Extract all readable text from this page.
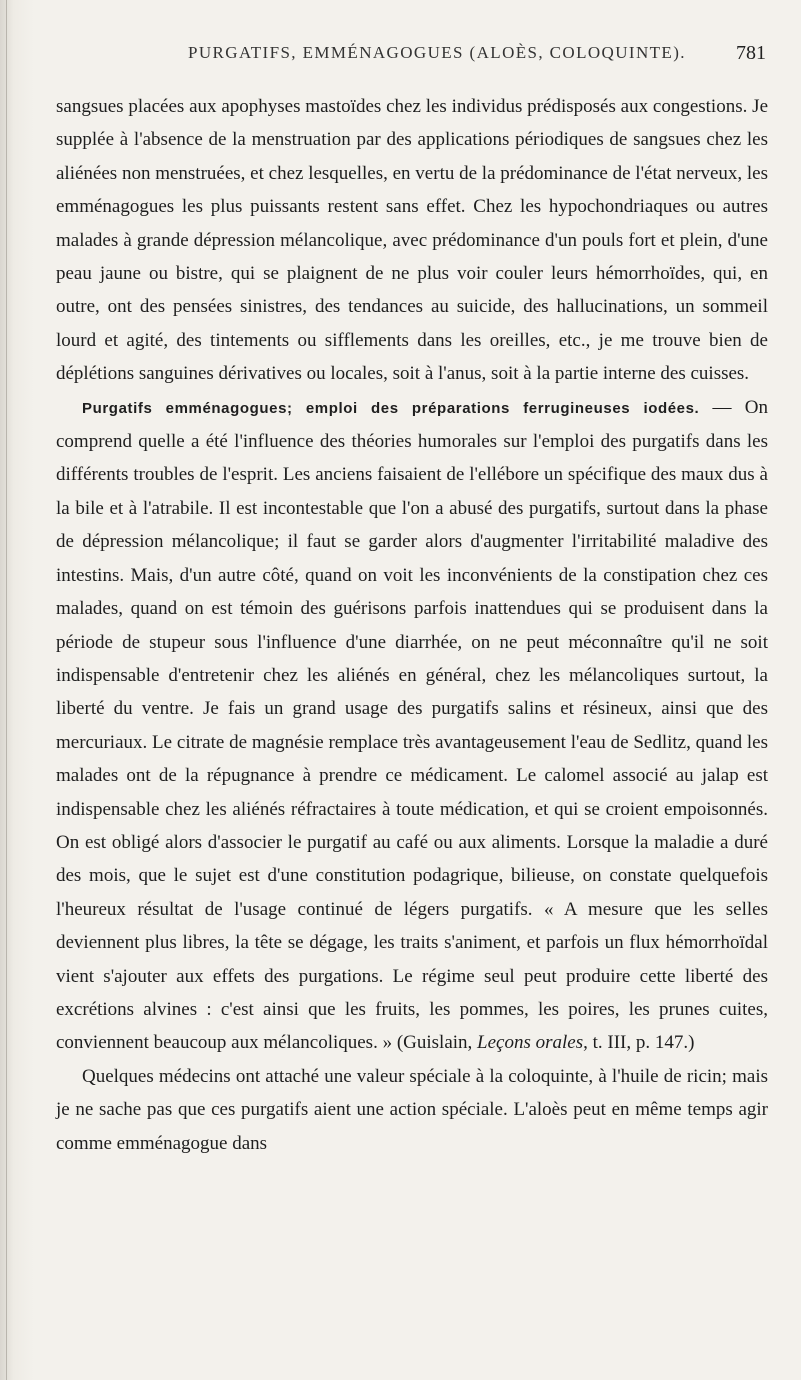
PURGATIFS, EMMÉNAGOGUES (ALOÈS, COLOQUINTE).	781

sangsues placées aux apophyses mastoïdes chez les individus prédisposés aux congestions. Je supplée à l'absence de la menstruation par des applications périodiques de sangsues chez les aliénées non menstruées, et chez lesquelles, en vertu de la prédominance de l'état nerveux, les emménagogues les plus puissants restent sans effet. Chez les hypochondriaques ou autres malades à grande dépression mélancolique, avec prédominance d'un pouls fort et plein, d'une peau jaune ou bistre, qui se plaignent de ne plus voir couler leurs hémorrhoïdes, qui, en outre, ont des pensées sinistres, des tendances au suicide, des hallucinations, un sommeil lourd et agité, des tintements ou sifflements dans les oreilles, etc., je me trouve bien de déplétions sanguines dérivatives ou locales, soit à l'anus, soit à la partie interne des cuisses.

Purgatifs emménagogues; emploi des préparations ferrugineuses iodées. — On comprend quelle a été l'influence des théories humorales sur l'emploi des purgatifs dans les différents troubles de l'esprit. Les anciens faisaient de l'ellébore un spécifique des maux dus à la bile et à l'atrabile. Il est incontestable que l'on a abusé des purgatifs, surtout dans la phase de dépression mélancolique; il faut se garder alors d'augmenter l'irritabilité maladive des intestins. Mais, d'un autre côté, quand on voit les inconvénients de la constipation chez ces malades, quand on est témoin des guérisons parfois inattendues qui se produisent dans la période de stupeur sous l'influence d'une diarrhée, on ne peut méconnaître qu'il ne soit indispensable d'entretenir chez les aliénés en général, chez les mélancoliques surtout, la liberté du ventre. Je fais un grand usage des purgatifs salins et résineux, ainsi que des mercuriaux. Le citrate de magnésie remplace très avantageusement l'eau de Sedlitz, quand les malades ont de la répugnance à prendre ce médicament. Le calomel associé au jalap est indispensable chez les aliénés réfractaires à toute médication, et qui se croient empoisonnés. On est obligé alors d'associer le purgatif au café ou aux aliments. Lorsque la maladie a duré des mois, que le sujet est d'une constitution podagrique, bilieuse, on constate quelquefois l'heureux résultat de l'usage continué de légers purgatifs. « A mesure que les selles deviennent plus libres, la tête se dégage, les traits s'animent, et parfois un flux hémorrhoïdal vient s'ajouter aux effets des purgations. Le régime seul peut produire cette liberté des excrétions alvines : c'est ainsi que les fruits, les pommes, les poires, les prunes cuites, conviennent beaucoup aux mélancoliques. » (Guislain, Leçons orales, t. III, p. 147.)

Quelques médecins ont attaché une valeur spéciale à la coloquinte, à l'huile de ricin; mais je ne sache pas que ces purgatifs aient une action spéciale. L'aloès peut en même temps agir comme emménagogue dans
